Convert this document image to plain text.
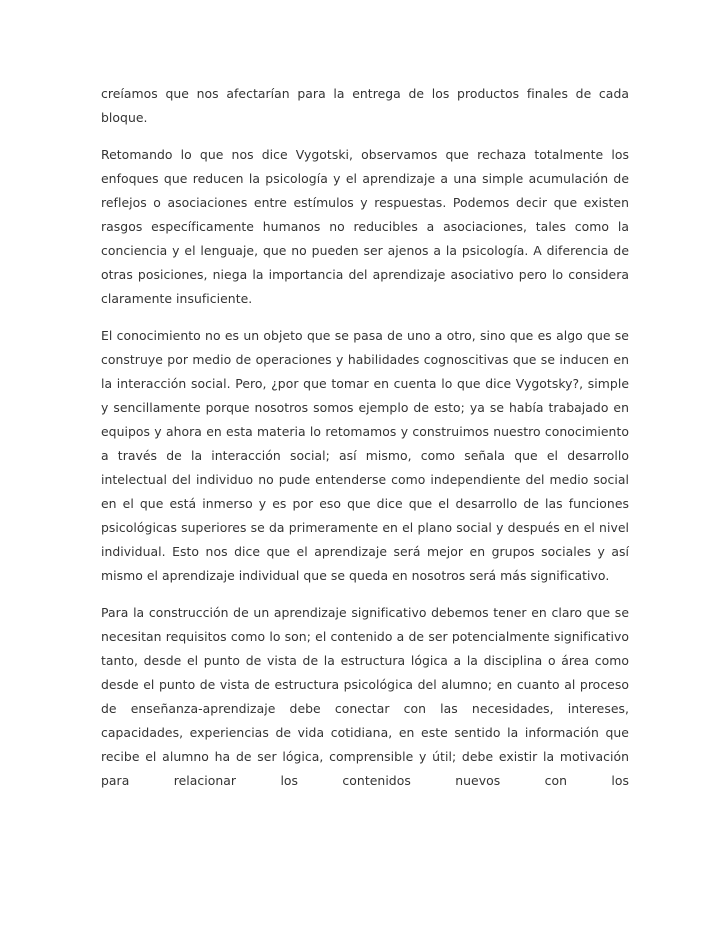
creíamos que nos afectarían para la entrega de los productos finales de cada bloque.

Retomando lo que nos dice Vygotski, observamos que rechaza totalmente los enfoques que reducen la psicología y el aprendizaje a una simple acumulación de reflejos o asociaciones entre estímulos y respuestas. Podemos decir que existen rasgos específicamente humanos no reducibles a asociaciones, tales como la conciencia y el lenguaje, que no pueden ser ajenos a la psicología. A diferencia de otras posiciones, niega la importancia del aprendizaje asociativo pero lo considera claramente insuficiente.

El conocimiento no es un objeto que se pasa de uno a otro, sino que es algo que se construye por medio de operaciones y habilidades cognoscitivas que se inducen en la interacción social. Pero, ¿por que tomar en cuenta lo que dice Vygotsky?, simple y sencillamente porque nosotros somos ejemplo de esto; ya se había trabajado en equipos y ahora en esta materia lo retomamos y construimos nuestro conocimiento a través de la interacción social; así mismo, como señala que el desarrollo intelectual del individuo no pude entenderse como independiente del medio social en el que está inmerso y es por eso que dice que el desarrollo de las funciones psicológicas superiores se da primeramente en el plano social y después en el nivel individual. Esto nos dice que el aprendizaje será mejor en grupos sociales y así mismo el aprendizaje individual que se queda en nosotros será más significativo.

Para la construcción de un aprendizaje significativo debemos tener en claro que se necesitan requisitos como lo son; el contenido a de ser potencialmente significativo tanto, desde el punto de vista de la estructura lógica a la disciplina o área como desde el punto de vista de estructura psicológica del alumno; en cuanto al proceso de enseñanza-aprendizaje debe conectar con las necesidades, intereses, capacidades, experiencias de vida cotidiana, en este sentido la información que recibe el alumno ha de ser lógica, comprensible y útil; debe existir la motivación para relacionar los contenidos nuevos con los
